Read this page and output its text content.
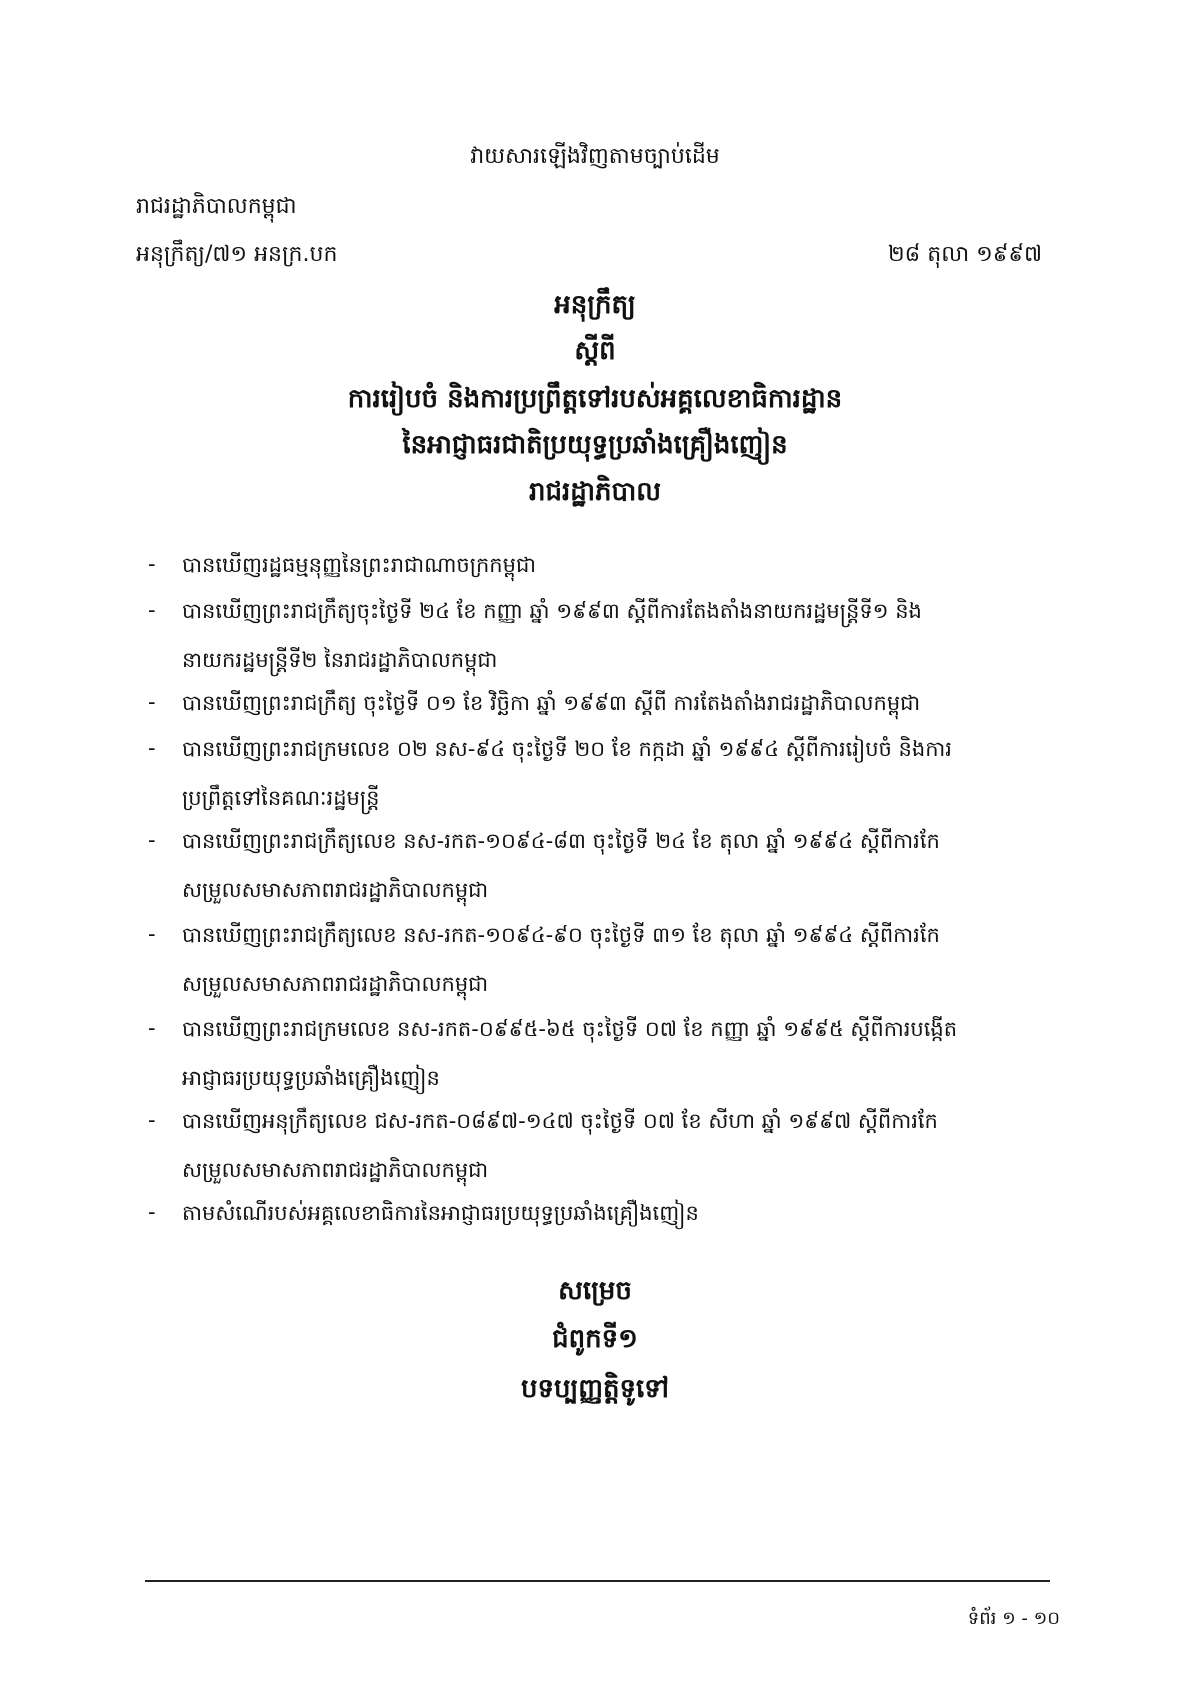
វាយសារឡើងវិញតាមច្បាប់ដើម
រាជរដ្ឋាភិបាលកម្ពុជា
អនុក្រឹត្យ/៧១ អនក្រ.បក	២៨ តុលា ១៩៩៧
អនុក្រឹត្យ
ស្តីពី
ការរៀបចំ និងការប្រព្រឹត្តទៅរបស់អគ្គលេខាធិការដ្ឋាន
នៃអាជ្ញាធរជាតិប្រយុទ្ធប្រឆាំងគ្រឿងញៀន
រាជរដ្ឋាភិបាល
- បានឃើញរដ្ឋធម្មនុញ្ញនៃព្រះរាជាណាចក្រកម្ពុជា
- បានឃើញព្រះរាជក្រឹត្យចុះថ្ងៃទី ២៤ ខែ កញ្ញា ឆ្នាំ ១៩៩៣ ស្តីពីការតែងតាំងនាយករដ្ឋមន្ត្រីទី១ និង
នាយករដ្ឋមន្ត្រីទី២ នៃរាជរដ្ឋាភិបាលកម្ពុជា
- បានឃើញព្រះរាជក្រឹត្យ ចុះថ្ងៃទី ០១ ខែ វិច្ឆិកា ឆ្នាំ ១៩៩៣ ស្តីពី ការតែងតាំងរាជរដ្ឋាភិបាលកម្ពុជា
- បានឃើញព្រះរាជក្រមលេខ ០២ នស-៩៤ ចុះថ្ងៃទី ២០ ខែ កក្កដា ឆ្នាំ ១៩៩៤ ស្តីពីការរៀបចំ និងការ
ប្រព្រឹត្តទៅនៃគណៈរដ្ឋមន្ត្រី
- បានឃើញព្រះរាជក្រឹត្យលេខ នស-រកត-១០៩៤-៨៣ ចុះថ្ងៃទី ២៤ ខែ តុលា ឆ្នាំ ១៩៩៤ ស្តីពីការកែ
សម្រួលសមាសភាពរាជរដ្ឋាភិបាលកម្ពុជា
- បានឃើញព្រះរាជក្រឹត្យលេខ នស-រកត-១០៩៤-៩០ ចុះថ្ងៃទី ៣១ ខែ តុលា ឆ្នាំ ១៩៩៤ ស្តីពីការកែ
សម្រួលសមាសភាពរាជរដ្ឋាភិបាលកម្ពុជា
- បានឃើញព្រះរាជក្រមលេខ នស-រកត-០៩៩៥-៦៥ ចុះថ្ងៃទី ០៧ ខែ កញ្ញា ឆ្នាំ ១៩៩៥ ស្តីពីការបង្កើត
អាជ្ញាធរប្រយុទ្ធប្រឆាំងគ្រឿងញៀន
- បានឃើញអនុក្រឹត្យលេខ ជស-រកត-០៨៩៧-១៤៧ ចុះថ្ងៃទី ០៧ ខែ សីហា ឆ្នាំ ១៩៩៧ ស្តីពីការកែ
សម្រួលសមាសភាពរាជរដ្ឋាភិបាលកម្ពុជា
- តាមសំណើរបស់អគ្គលេខាធិការនៃអាជ្ញាធរប្រយុទ្ធប្រឆាំងគ្រឿងញៀន
សម្រេច
ជំពូកទី១
បទប្បញ្ញត្តិទូទៅ
ទំព័រ ១ - ១០
